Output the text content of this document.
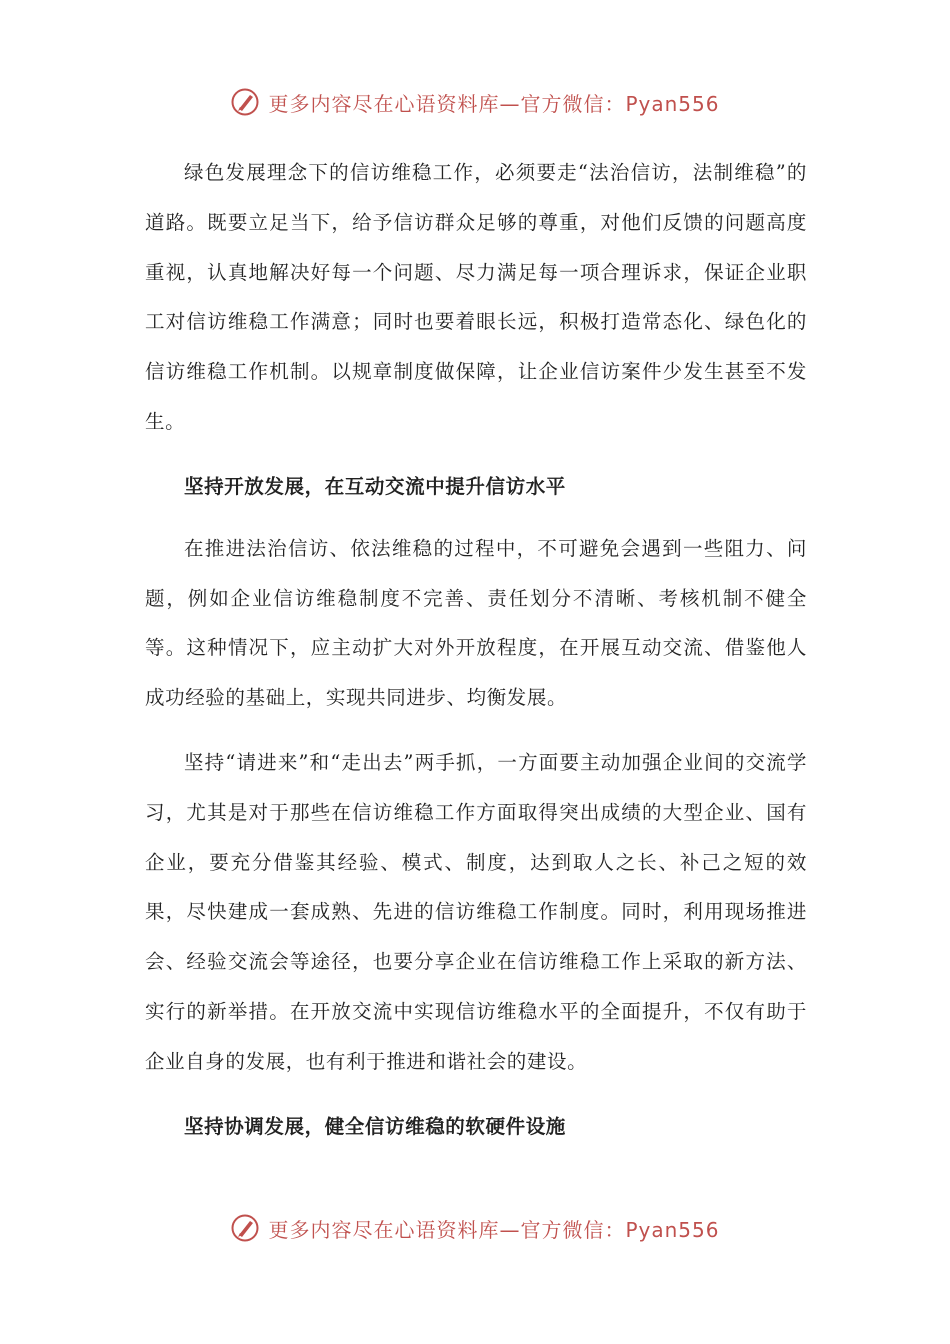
更多内容尽在心语资料库—官方微信：Pyan556

绿色发展理念下的信访维稳工作，必须要走“法治信访，法制维稳”的道路。既要立足当下，给予信访群众足够的尊重，对他们反馈的问题高度重视，认真地解决好每一个问题、尽力满足每一项合理诉求，保证企业职工对信访维稳工作满意；同时也要着眼长远，积极打造常态化、绿色化的信访维稳工作机制。以规章制度做保障，让企业信访案件少发生甚至不发生。

坚持开放发展，在互动交流中提升信访水平

在推进法治信访、依法维稳的过程中，不可避免会遇到一些阻力、问题，例如企业信访维稳制度不完善、责任划分不清晰、考核机制不健全等。这种情况下，应主动扩大对外开放程度，在开展互动交流、借鉴他人成功经验的基础上，实现共同进步、均衡发展。

坚持“请进来”和“走出去”两手抓，一方面要主动加强企业间的交流学习，尤其是对于那些在信访维稳工作方面取得突出成绩的大型企业、国有企业，要充分借鉴其经验、模式、制度，达到取人之长、补己之短的效果，尽快建成一套成熟、先进的信访维稳工作制度。同时，利用现场推进会、经验交流会等途径，也要分享企业在信访维稳工作上采取的新方法、实行的新举措。在开放交流中实现信访维稳水平的全面提升，不仅有助于企业自身的发展，也有利于推进和谐社会的建设。

坚持协调发展，健全信访维稳的软硬件设施

更多内容尽在心语资料库—官方微信：Pyan556
